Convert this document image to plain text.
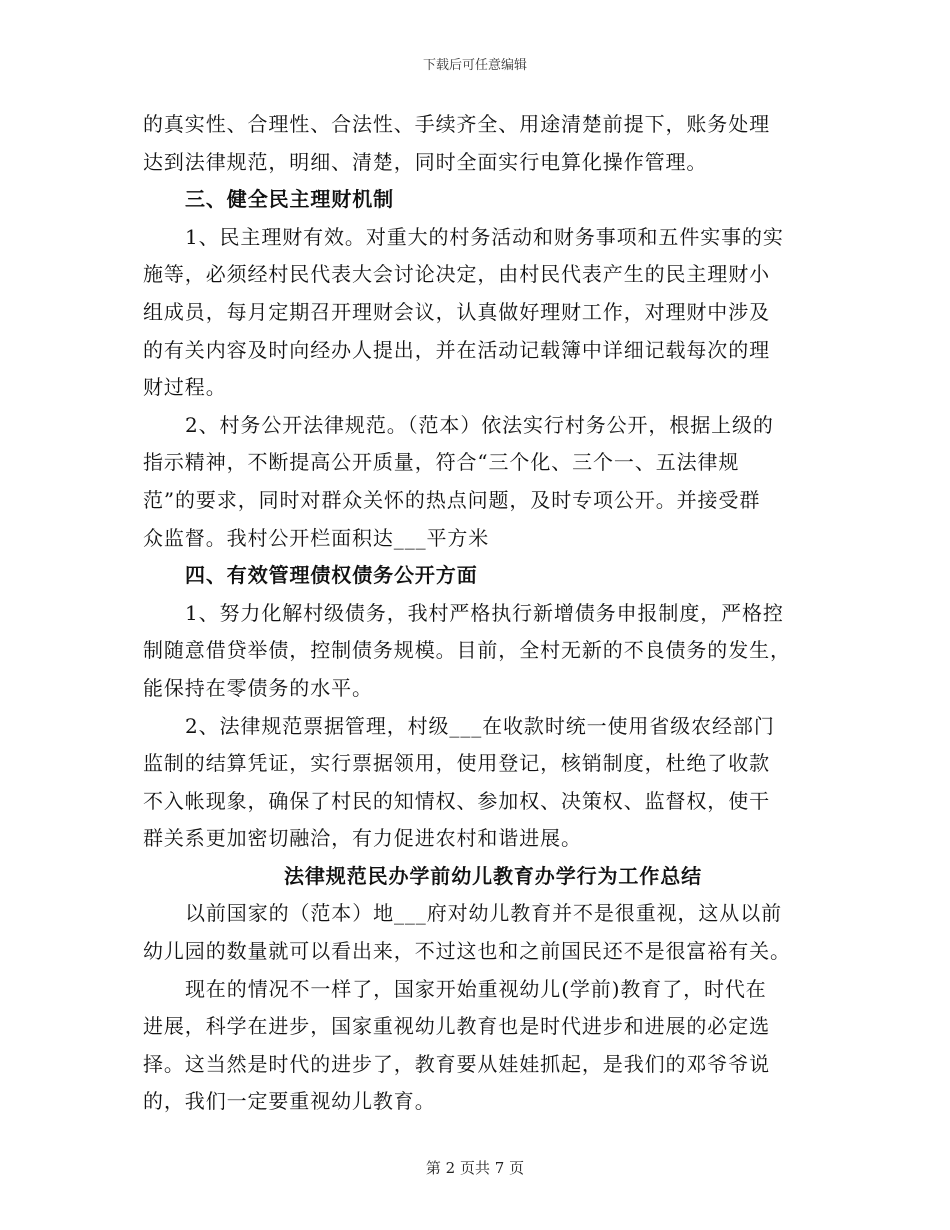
下载后可任意编辑
的真实性、合理性、合法性、手续齐全、用途清楚前提下，账务处理
达到法律规范，明细、清楚，同时全面实行电算化操作管理。
三、健全民主理财机制
1、民主理财有效。对重大的村务活动和财务事项和五件实事的实
施等，必须经村民代表大会讨论决定，由村民代表产生的民主理财小
组成员，每月定期召开理财会议，认真做好理财工作，对理财中涉及
的有关内容及时向经办人提出，并在活动记载簿中详细记载每次的理
财过程。
2、村务公开法律规范。（范本）依法实行村务公开，根据上级的
指示精神，不断提高公开质量，符合“三个化、三个一、五法律规
范”的要求，同时对群众关怀的热点问题，及时专项公开。并接受群
众监督。我村公开栏面积达___平方米
四、有效管理债权债务公开方面
1、努力化解村级债务，我村严格执行新增债务申报制度，严格控
制随意借贷举债，控制债务规模。目前，全村无新的不良债务的发生，
能保持在零债务的水平。
2、法律规范票据管理，村级___在收款时统一使用省级农经部门
监制的结算凭证，实行票据领用，使用登记，核销制度，杜绝了收款
不入帐现象，确保了村民的知情权、参加权、决策权、监督权，使干
群关系更加密切融洽，有力促进农村和谐进展。
法律规范民办学前幼儿教育办学行为工作总结
以前国家的（范本）地___府对幼儿教育并不是很重视，这从以前
幼儿园的数量就可以看出来，不过这也和之前国民还不是很富裕有关。
现在的情况不一样了，国家开始重视幼儿(学前)教育了，时代在
进展，科学在进步，国家重视幼儿教育也是时代进步和进展的必定选
择。这当然是时代的进步了，教育要从娃娃抓起，是我们的邓爷爷说
的，我们一定要重视幼儿教育。
第 2 页共 7 页
